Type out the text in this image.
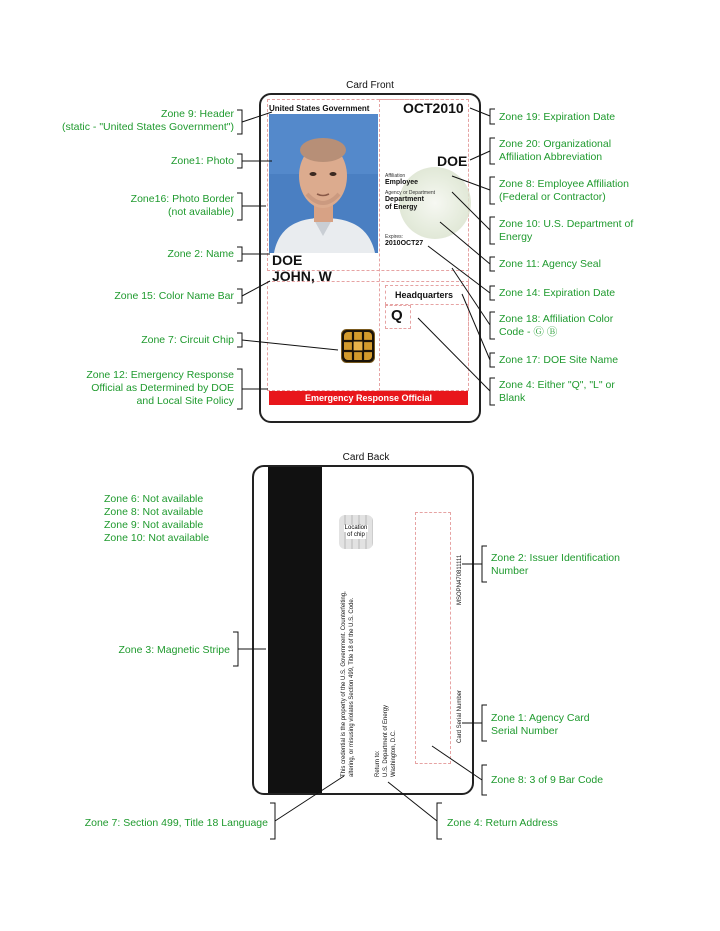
Card Front
United States Government OCT2010
Affiliation
Employee
Agency or Department
Department
of Energy
Expires:
2010OCT27
DOE
DOE
JOHN, W
Headquarters
Q
Emergency Response Official
Zone 9: Header
(static - "United States Government")
Zone1: Photo
Zone16: Photo Border
(not available)
Zone 2: Name
Zone 15: Color Name Bar
Zone 7: Circuit Chip
Zone 12: Emergency Response
Official as Determined by DOE
and Local Site Policy
Zone 19: Expiration Date
Zone 20: Organizational
Affiliation Abbreviation
Zone 8: Employee Affiliation
(Federal or Contractor)
Zone 10: U.S. Department of
Energy
Zone 11: Agency Seal
Zone 14: Expiration Date
Zone 18: Affiliation Color
Code - Ⓖ Ⓑ
Zone 17: DOE Site Name
Zone 4: Either "Q", "L" or
Blank
Card Back
Location
of chip
This credential is the property of the U.S. Government. Counterfeiting, altering, or misusing violates Section 499, Title 18 of the U.S. Code.	Return to: U.S. Department of Energy Washington, D.C.
MSOPN470811111
Card Serial Number
Zone 6: Not available
Zone 8: Not available
Zone 9: Not available
Zone 10: Not available
Zone 3: Magnetic Stripe
Zone 7: Section 499, Title 18 Language
Zone 2: Issuer Identification
Number
Zone 1: Agency Card
Serial Number
Zone 8: 3 of 9 Bar Code
Zone 4: Return Address
